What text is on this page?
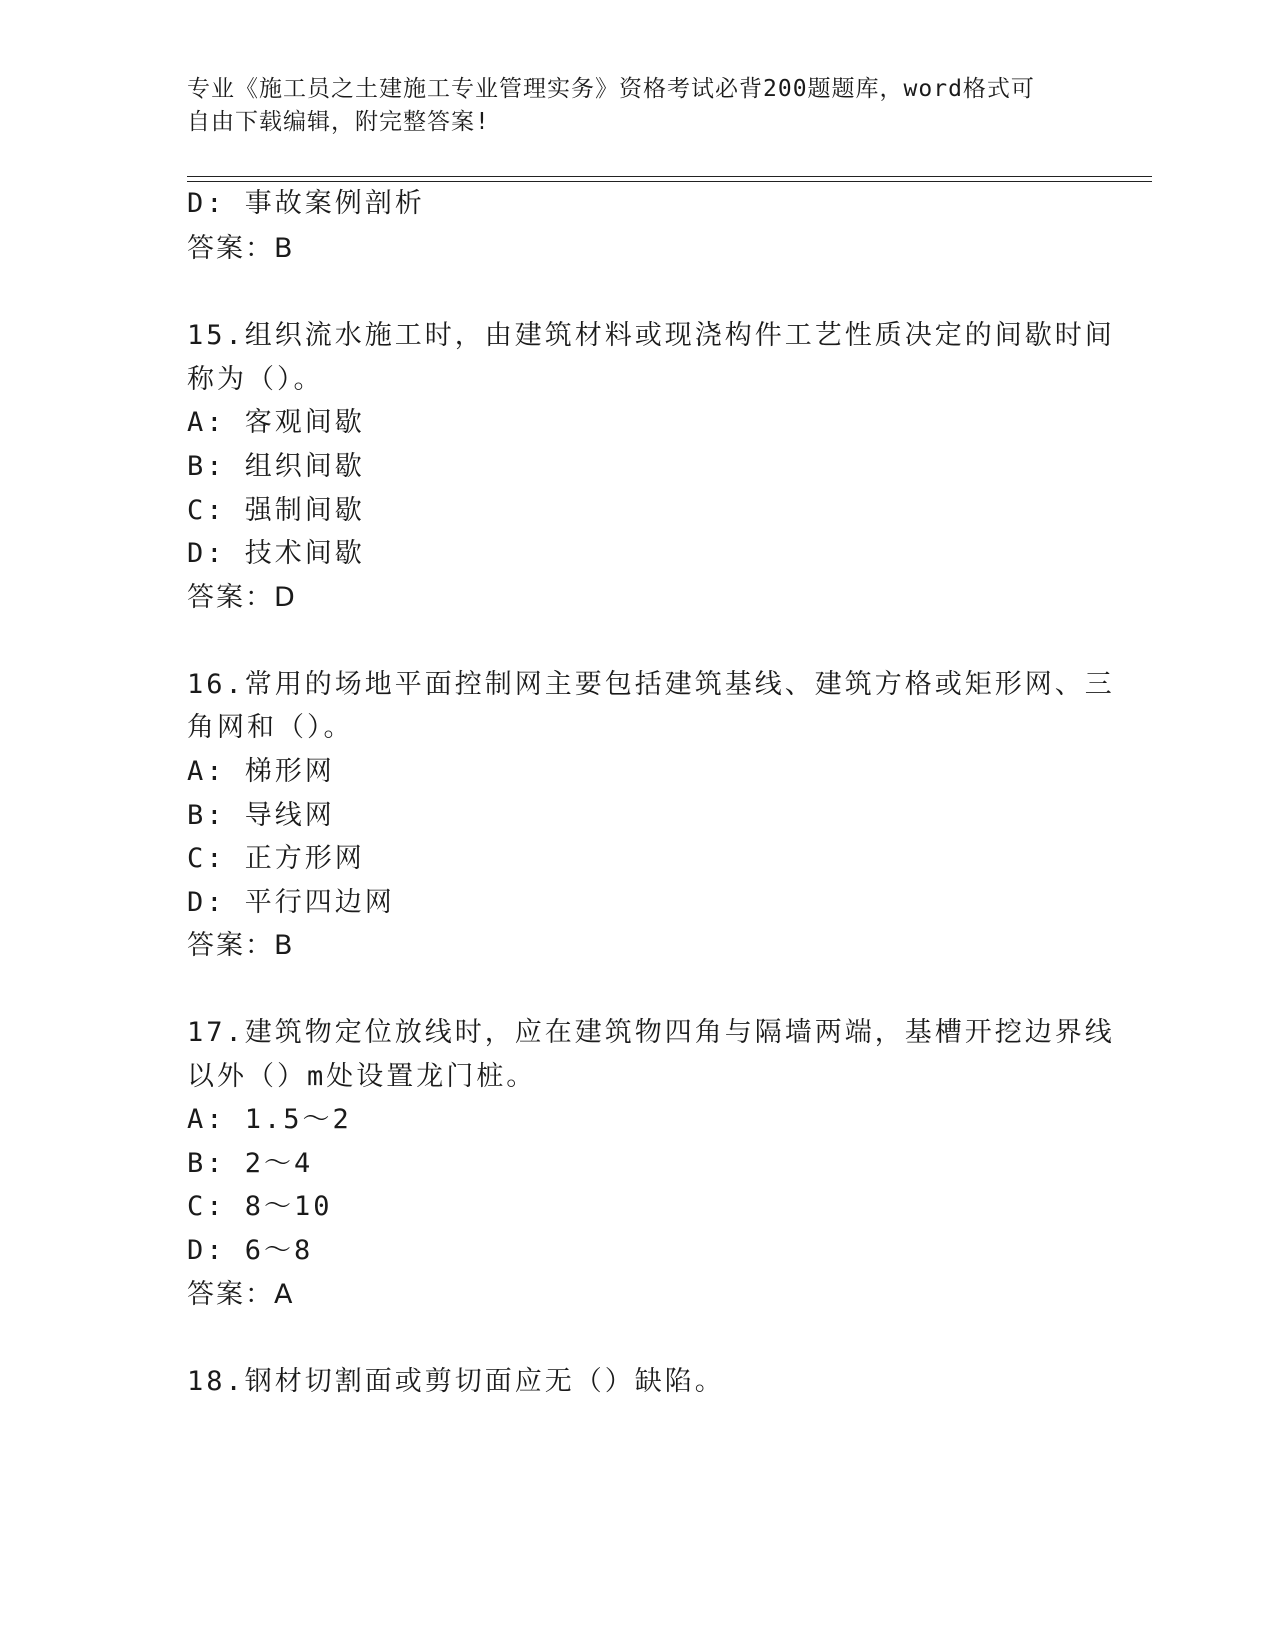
专业《施工员之土建施工专业管理实务》资格考试必背200题题库，word格式可
自由下载编辑，附完整答案!
D: 事故案例剖析
答案：B
15.组织流水施工时，由建筑材料或现浇构件工艺性质决定的间歇时间
称为（）。
A: 客观间歇
B: 组织间歇
C: 强制间歇
D: 技术间歇
答案：D
16.常用的场地平面控制网主要包括建筑基线、建筑方格或矩形网、三
角网和（）。
A: 梯形网
B: 导线网
C: 正方形网
D: 平行四边网
答案：B
17.建筑物定位放线时，应在建筑物四角与隔墙两端，基槽开挖边界线
以外（）m处设置龙门桩。
A: 1.5～2
B: 2～4
C: 8～10
D: 6～8
答案：A
18.钢材切割面或剪切面应无（）缺陷。
